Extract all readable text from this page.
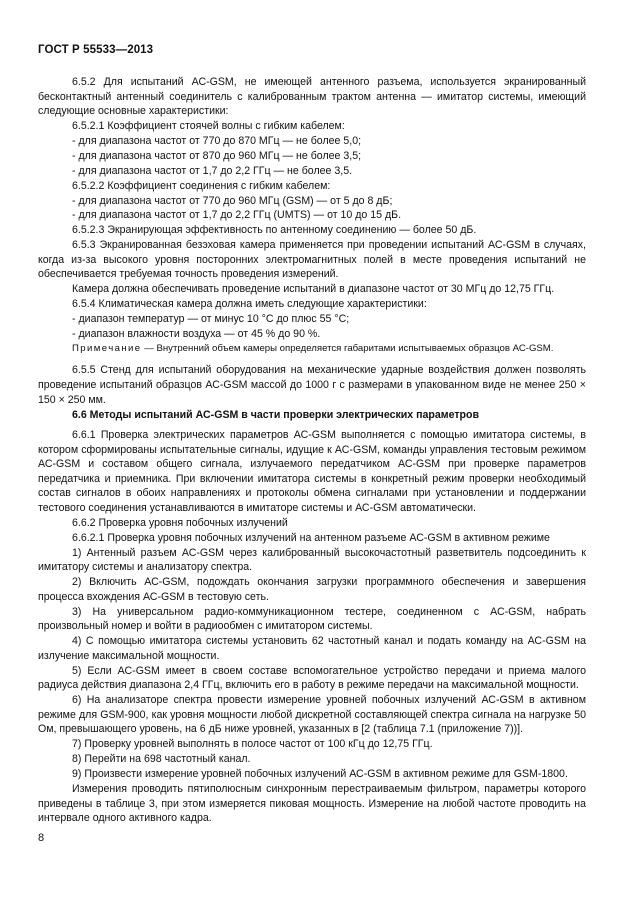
ГОСТ Р 55533—2013

6.5.2 Для испытаний АС-GSM, не имеющей антенного разъема, используется экранированный бесконтактный антенный соединитель с калиброванным трактом антенна — имитатор системы, имеющий следующие основные характеристики:

6.5.2.1 Коэффициент стоячей волны с гибким кабелем:

- для диапазона частот от 770 до 870 МГц — не более 5,0;

- для диапазона частот от 870 до 960 МГц — не более 3,5;

- для диапазона частот от 1,7 до 2,2 ГГц — не более 3,5.

6.5.2.2 Коэффициент соединения с гибким кабелем:

- для диапазона частот от 770 до 960 МГц (GSM) — от 5 до 8 дБ;

- для диапазона частот от 1,7 до 2,2 ГГц (UMTS) — от 10 до 15 дБ.

6.5.2.3 Экранирующая эффективность по антенному соединению — более 50 дБ.

6.5.3 Экранированная безэховая камера применяется при проведении испытаний АС-GSM в случаях, когда из-за высокого уровня посторонних электромагнитных полей в месте проведения испытаний не обеспечивается требуемая точность проведения измерений.

Камера должна обеспечивать проведение испытаний в диапазоне частот от 30 МГц до 12,75 ГГц.

6.5.4 Климатическая камера должна иметь следующие характеристики:

- диапазон температур — от минус 10 °С до плюс 55 °С;

- диапазон влажности воздуха — от 45 % до 90 %.

Примечание — Внутренний объем камеры определяется габаритами испытываемых образцов АС-GSM.

6.5.5 Стенд для испытаний оборудования на механические ударные воздействия должен позволять проведение испытаний образцов АС-GSM массой до 1000 г с размерами в упакованном виде не менее 250 × 150 × 250 мм.

6.6 Методы испытаний АС-GSM в части проверки электрических параметров

6.6.1 Проверка электрических параметров АС-GSM выполняется с помощью имитатора системы, в котором сформированы испытательные сигналы, идущие к АС-GSM, команды управления тестовым режимом АС-GSM и составом общего сигнала, излучаемого передатчиком АС-GSM при проверке параметров передатчика и приемника. При включении имитатора системы в конкретный режим проверки необходимый состав сигналов в обоих направлениях и протоколы обмена сигналами при установлении и поддержании тестового соединения устанавливаются в имитаторе системы и АС-GSM автоматически.

6.6.2 Проверка уровня побочных излучений

6.6.2.1 Проверка уровня побочных излучений на антенном разъеме АС-GSM в активном режиме

1) Антенный разъем АС-GSM через калиброванный высокочастотный разветвитель подсоединить к имитатору системы и анализатору спектра.

2) Включить АС-GSM, подождать окончания загрузки программного обеспечения и завершения процесса вхождения АС-GSM в тестовую сеть.

3) На универсальном радио-коммуникационном тестере, соединенном с АС-GSM, набрать произвольный номер и войти в радиообмен с имитатором системы.

4) С помощью имитатора системы установить 62 частотный канал и подать команду на АС-GSM на излучение максимальной мощности.

5) Если АС-GSM имеет в своем составе вспомогательное устройство передачи и приема малого радиуса действия диапазона 2,4 ГГц, включить его в работу в режиме передачи на максимальной мощности.

6) На анализаторе спектра провести измерение уровней побочных излучений АС-GSM в активном режиме для GSM-900, как уровня мощности любой дискретной составляющей спектра сигнала на нагрузке 50 Ом, превышающего уровень, на 6 дБ ниже уровней, указанных в [2 (таблица 7.1 (приложение 7))].

7) Проверку уровней выполнять в полосе частот от 100 кГц до 12,75 ГГц.

8) Перейти на 698 частотный канал.

9) Произвести измерение уровней побочных излучений АС-GSM в активном режиме для GSM-1800.

Измерения проводить пятиполюсным синхронным перестраиваемым фильтром, параметры которого приведены в таблице 3, при этом измеряется пиковая мощность. Измерение на любой частоте проводить на интервале одного активного кадра.

8
